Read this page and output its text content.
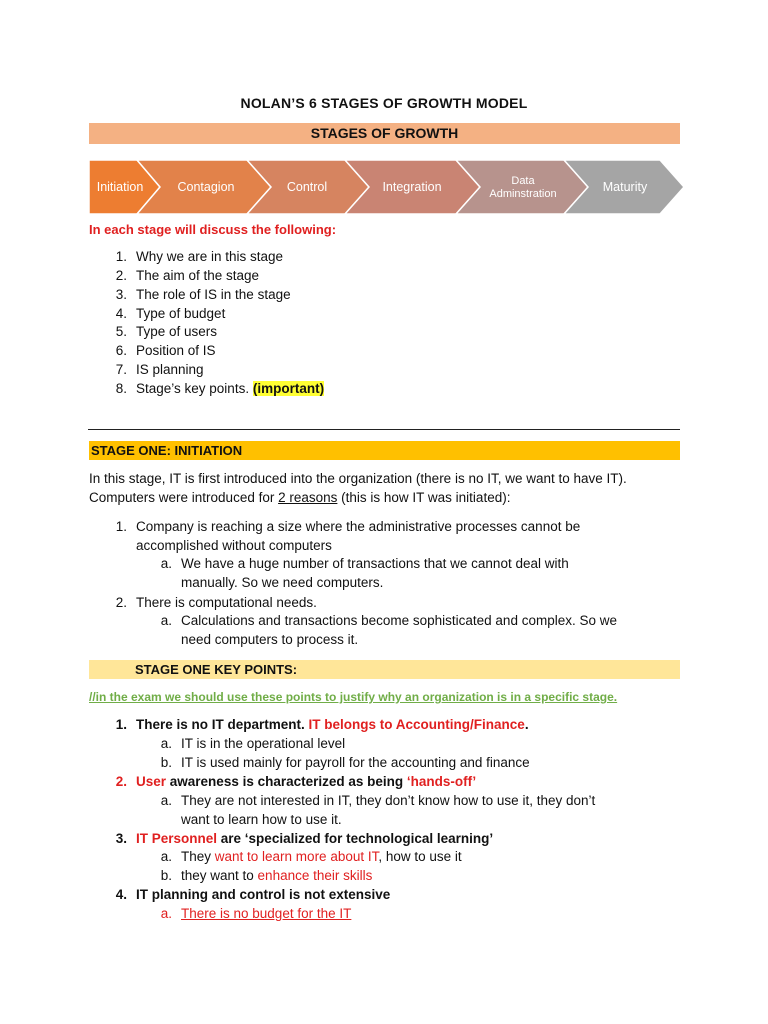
NOLAN’S 6 STAGES OF GROWTH MODEL
STAGES OF GROWTH
Initiation	Contagion	Control	Integration	Data
Adminstration	Maturity
In each stage will discuss the following:
1. Why we are in this stage
2. The aim of the stage
3. The role of IS in the stage
4. Type of budget
5. Type of users
6. Position of IS
7. IS planning
8. Stage’s key points. (important)
STAGE ONE: INITIATION
In this stage, IT is first introduced into the organization (there is no IT, we want to have IT).
Computers were introduced for 2 reasons (this is how IT was initiated):
1. Company is reaching a size where the administrative processes cannot be
accomplished without computers
a. We have a huge number of transactions that we cannot deal with
manually. So we need computers.
2. There is computational needs.
a. Calculations and transactions become sophisticated and complex. So we
need computers to process it.
STAGE ONE KEY POINTS:
//in the exam we should use these points to justify why an organization is in a specific stage.
1. There is no IT department. IT belongs to Accounting/Finance.
a. IT is in the operational level
b. IT is used mainly for payroll for the accounting and finance
2. User awareness is characterized as being ‘hands-off’
a. They are not interested in IT, they don’t know how to use it, they don’t
want to learn how to use it.
3. IT Personnel are ‘specialized for technological learning’
a. They want to learn more about IT, how to use it
b. they want to enhance their skills
4. IT planning and control is not extensive
a. There is no budget for the IT
